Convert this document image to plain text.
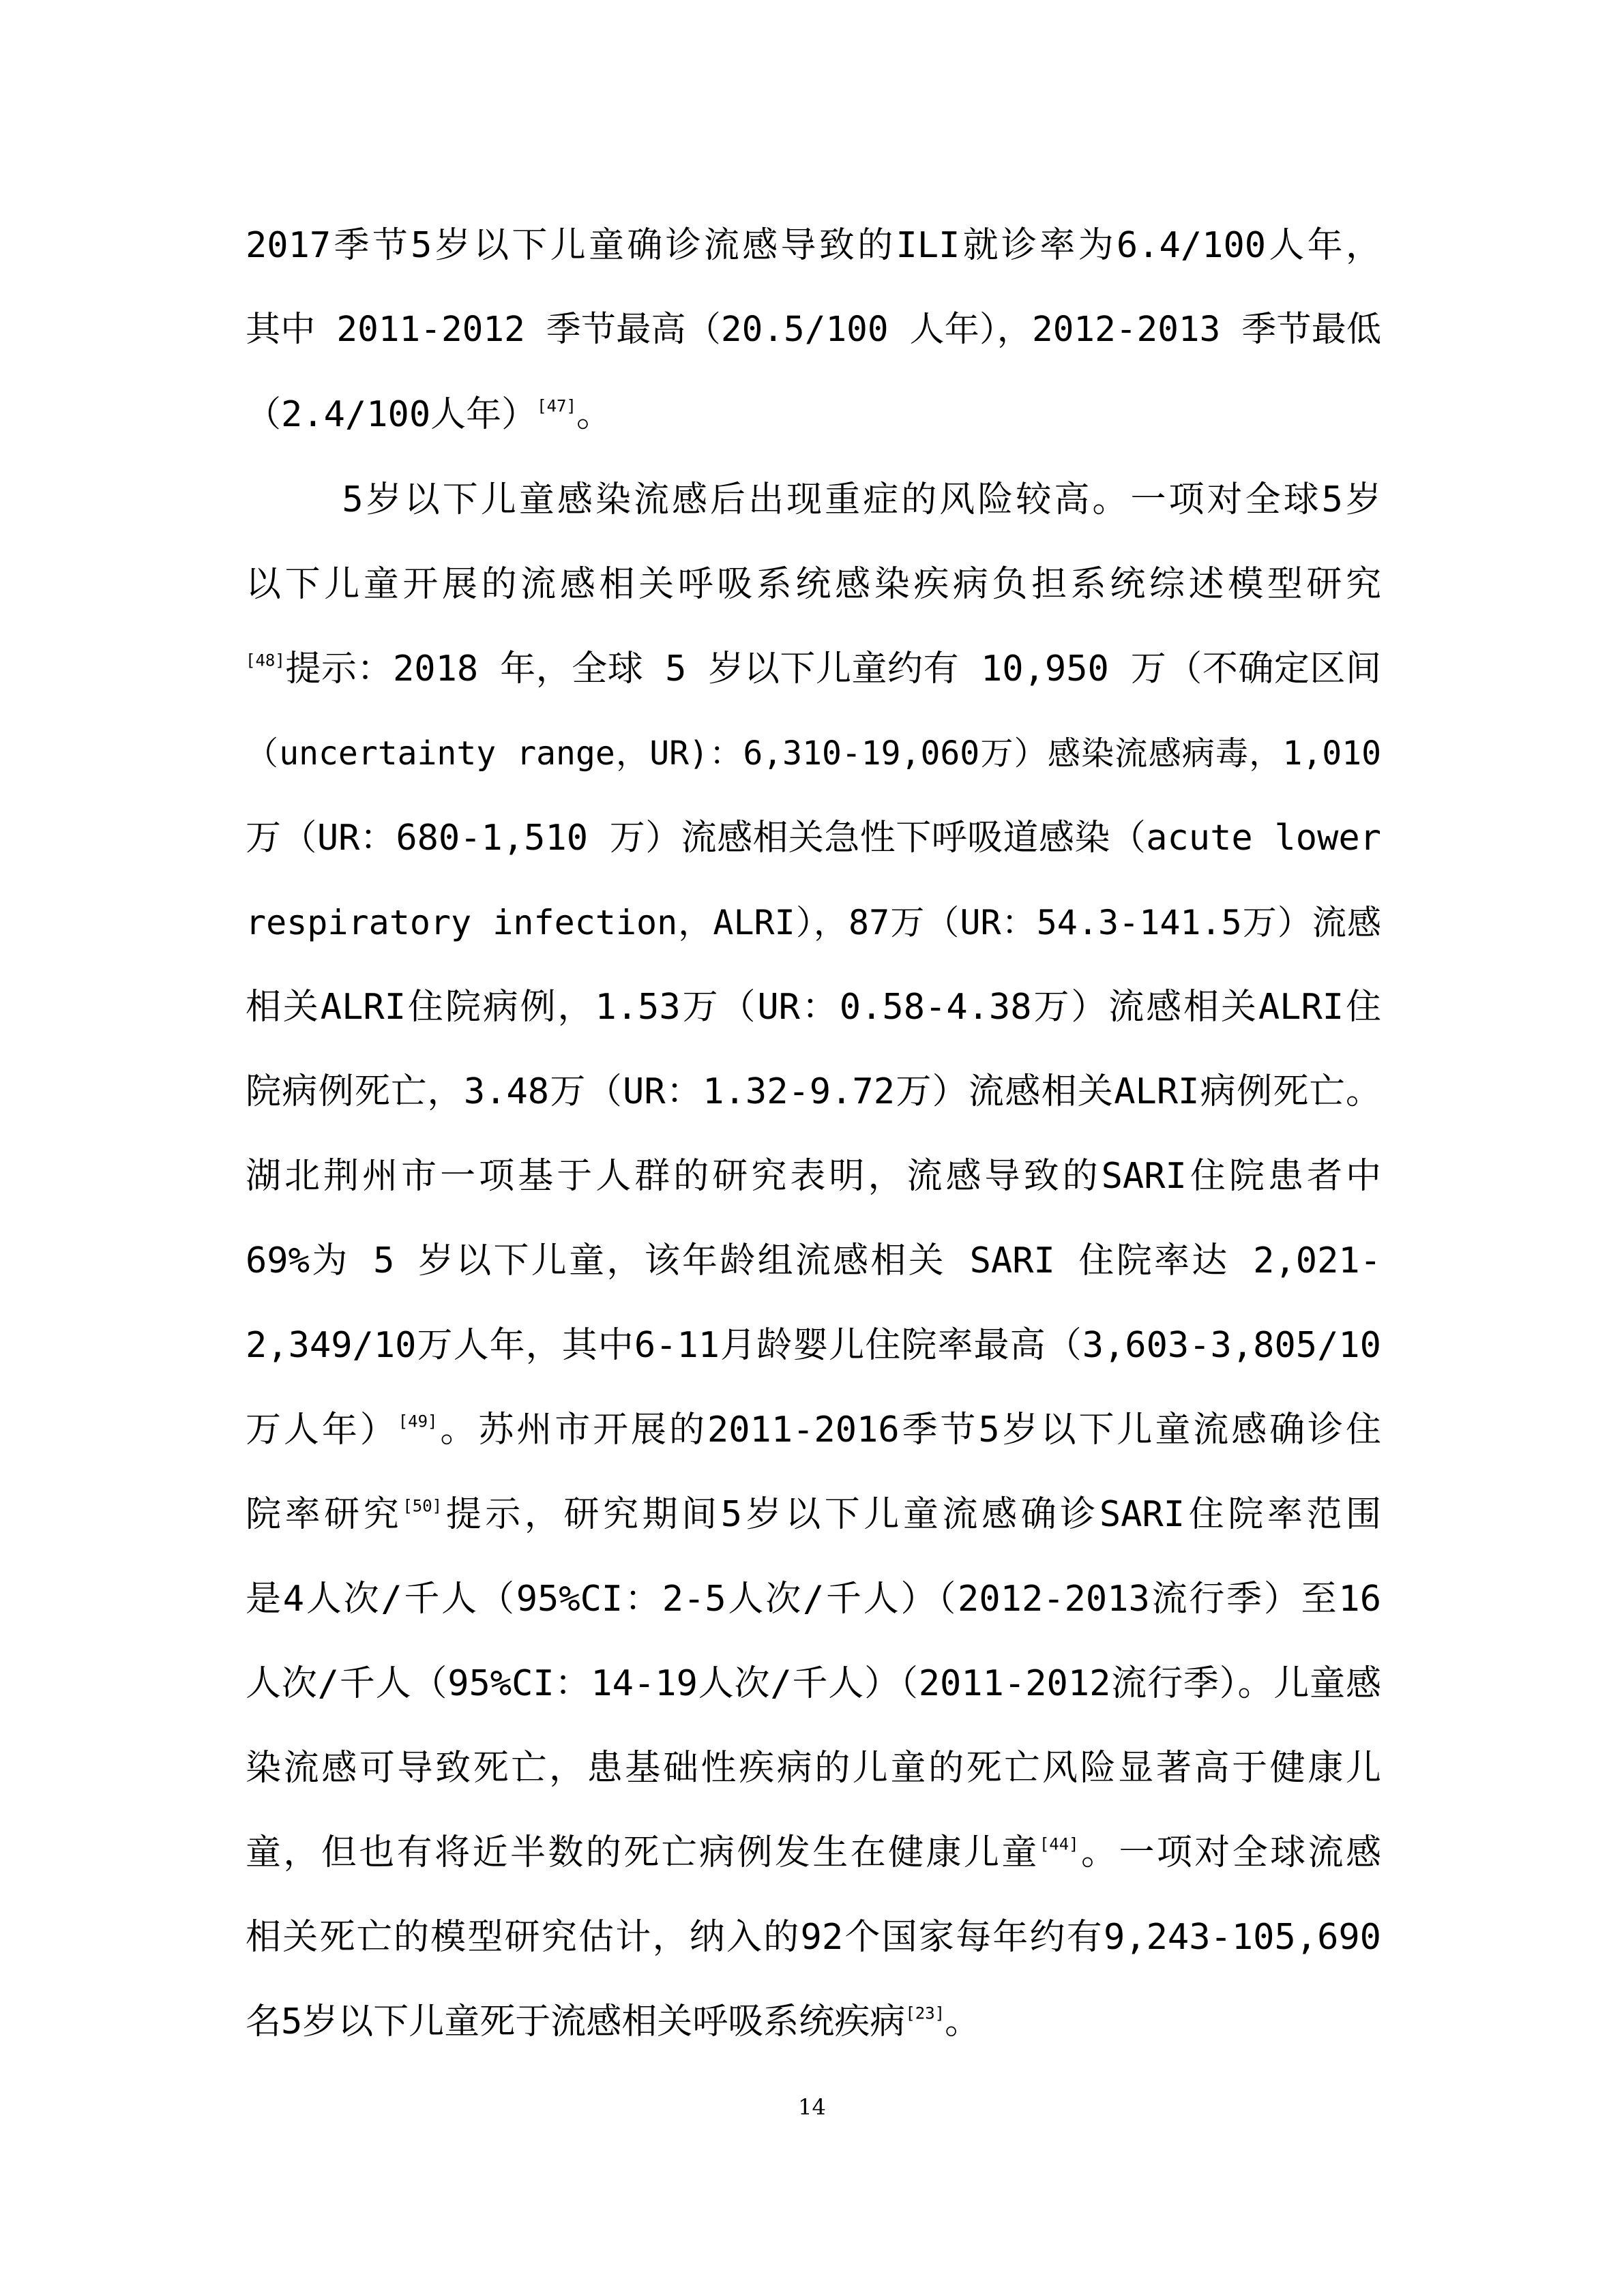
2017季节5岁以下儿童确诊流感导致的ILI就诊率为6.4/100人年，
其中 2011-2012 季节最高（20.5/100 人年），2012-2013 季节最低
（2.4/100人年）[47]。
5岁以下儿童感染流感后出现重症的风险较高。一项对全球5岁
以下儿童开展的流感相关呼吸系统感染疾病负担系统综述模型研究
[48]提示：2018 年，全球 5 岁以下儿童约有 10,950 万（不确定区间
（uncertainty range，UR)：6,310-19,060万）感染流感病毒，1,010
万（UR：680-1,510 万）流感相关急性下呼吸道感染（acute lower
respiratory infection，ALRI），87万（UR：54.3-141.5万）流感
相关ALRI住院病例，1.53万（UR：0.58-4.38万）流感相关ALRI住
院病例死亡，3.48万（UR：1.32-9.72万）流感相关ALRI病例死亡。
湖北荆州市一项基于人群的研究表明，流感导致的SARI住院患者中
69%为 5 岁以下儿童，该年龄组流感相关 SARI 住院率达 2,021-
2,349/10万人年，其中6-11月龄婴儿住院率最高（3,603-3,805/10
万人年）[49]。苏州市开展的2011-2016季节5岁以下儿童流感确诊住
院率研究[50]提示，研究期间5岁以下儿童流感确诊SARI住院率范围
是4人次/千人（95%CI：2-5人次/千人）（2012-2013流行季）至16
人次/千人（95%CI：14-19人次/千人）（2011-2012流行季）。儿童感
染流感可导致死亡，患基础性疾病的儿童的死亡风险显著高于健康儿
童，但也有将近半数的死亡病例发生在健康儿童[44]。一项对全球流感
相关死亡的模型研究估计，纳入的92个国家每年约有9,243-105,690
名5岁以下儿童死于流感相关呼吸系统疾病[23]。
14
